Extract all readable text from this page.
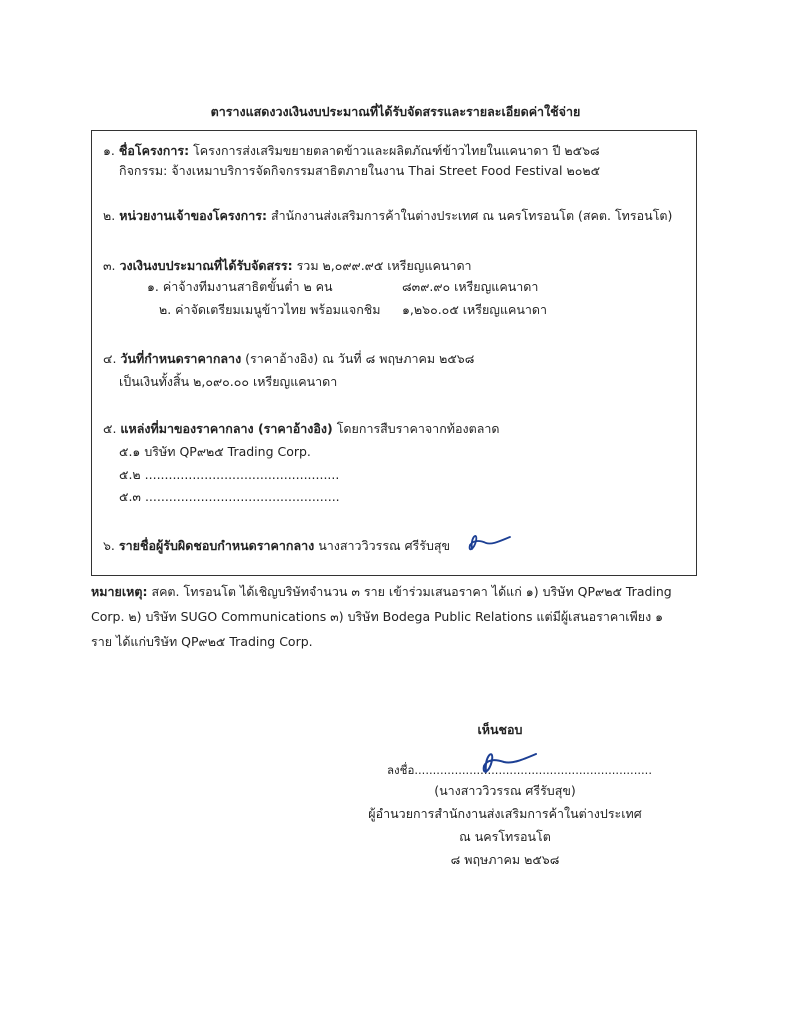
ตารางแสดงวงเงินงบประมาณที่ได้รับจัดสรรและรายละเอียดค่าใช้จ่าย
๑. ชื่อโครงการ: โครงการส่งเสริมขยายตลาดข้าวและผลิตภัณฑ์ข้าวไทยในแคนาดา ปี ๒๕๖๘
กิจกรรม: จ้างเหมาบริการจัดกิจกรรมสาธิตภายในงาน Thai Street Food Festival ๒๐๒๕
๒. หน่วยงานเจ้าของโครงการ: สำนักงานส่งเสริมการค้าในต่างประเทศ ณ นครโทรอนโต (สคต. โทรอนโต)
๓. วงเงินงบประมาณที่ได้รับจัดสรร: รวม ๒,๐๙๙.๙๕ เหรียญแคนาดา
๑. ค่าจ้างทีมงานสาธิตขั้นต่ำ ๒ คน	๘๓๙.๙๐ เหรียญแคนาดา
๒. ค่าจัดเตรียมเมนูข้าวไทย พร้อมแจกชิม ๑,๒๖๐.๐๕ เหรียญแคนาดา
๔. วันที่กำหนดราคากลาง (ราคาอ้างอิง) ณ วันที่ ๘ พฤษภาคม ๒๕๖๘
เป็นเงินทั้งสิ้น ๒,๐๙๐.๐๐ เหรียญแคนาดา
๕. แหล่งที่มาของราคากลาง (ราคาอ้างอิง) โดยการสืบราคาจากท้องตลาด
๕.๑ บริษัท QP๙๒๕ Trading Corp.
๕.๒ .................................................
๕.๓ .................................................
๖. รายชื่อผู้รับผิดชอบกำหนดราคากลาง นางสาววิวรรณ ศรีรับสุข
หมายเหตุ: สคต. โทรอนโต ได้เชิญบริษัทจำนวน ๓ ราย เข้าร่วมเสนอราคา ได้แก่ ๑) บริษัท QP๙๒๕ Trading
Corp. ๒) บริษัท SUGO Communications ๓) บริษัท Bodega Public Relations แต่มีผู้เสนอราคาเพียง ๑
ราย ได้แก่บริษัท QP๙๒๕ Trading Corp.
เห็นชอบ
ลงชื่อ.................................................................
(นางสาววิวรรณ ศรีรับสุข)
ผู้อำนวยการสำนักงานส่งเสริมการค้าในต่างประเทศ
ณ นครโทรอนโต
๘ พฤษภาคม ๒๕๖๘
